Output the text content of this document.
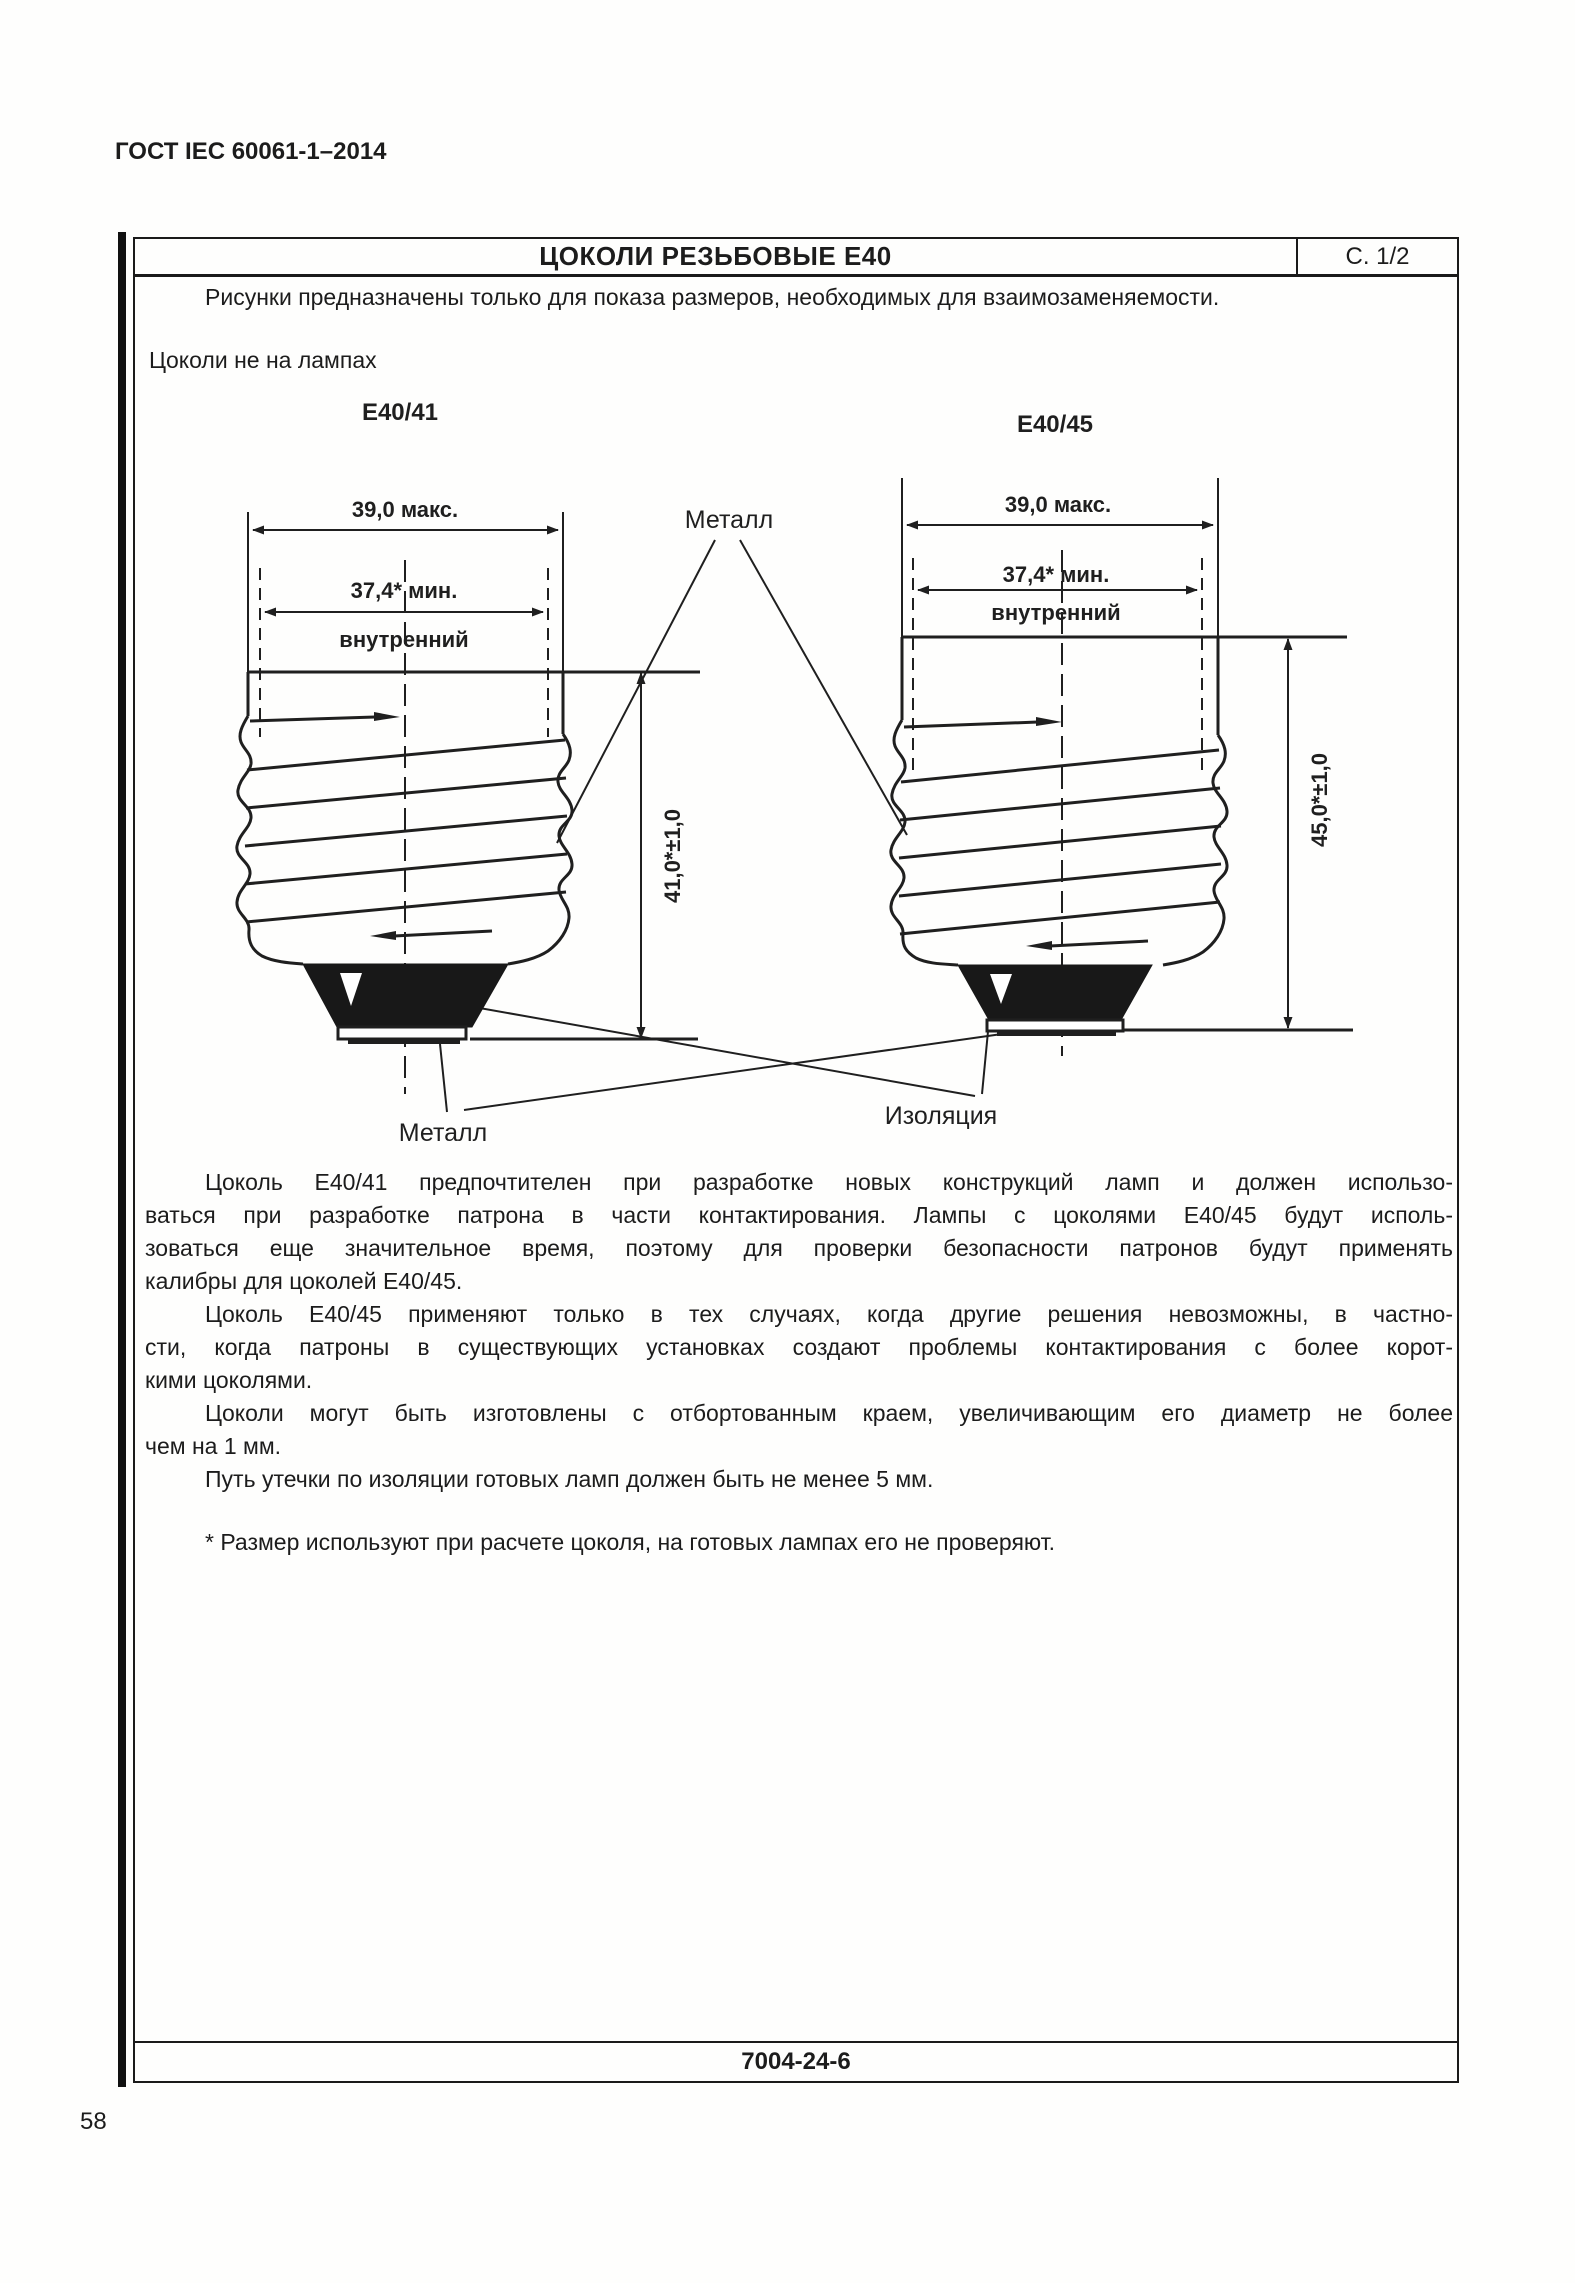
ГОСТ IEC 60061-1–2014
ЦОКОЛИ РЕЗЬБОВЫЕ Е40	С. 1/2
Рисунки предназначены только для показа размеров, необходимых для взаимозаменяемости.
Цоколи не на лампах
Цоколь Е40/41 предпочтителен при разработке новых конструкций ламп и должен использо-
ваться при разработке патрона в части контактирования. Лампы с цоколями Е40/45 будут исполь-
зоваться еще значительное время, поэтому для проверки безопасности патронов будут применять
калибры для цоколей Е40/45.
Цоколь Е40/45 применяют только в тех случаях, когда другие решения невозможны, в частно-
сти, когда патроны в существующих установках создают проблемы контактирования с более корот-
кими цоколями.
Цоколи могут быть изготовлены с отбортованным краем, увеличивающим его диаметр не более
чем на 1 мм.
Путь утечки по изоляции готовых ламп должен быть не менее 5 мм.
* Размер используют при расчете цоколя, на готовых лампах его не проверяют.
7004-24-6
58
Е40/41	Е40/45
39,0 макс.
37,4* мин.
внутренний
39,0 макс.
37,4* мин.
внутренний
41,0*±1,0
45,0*±1,0
Металл
Металл
Изоляция
